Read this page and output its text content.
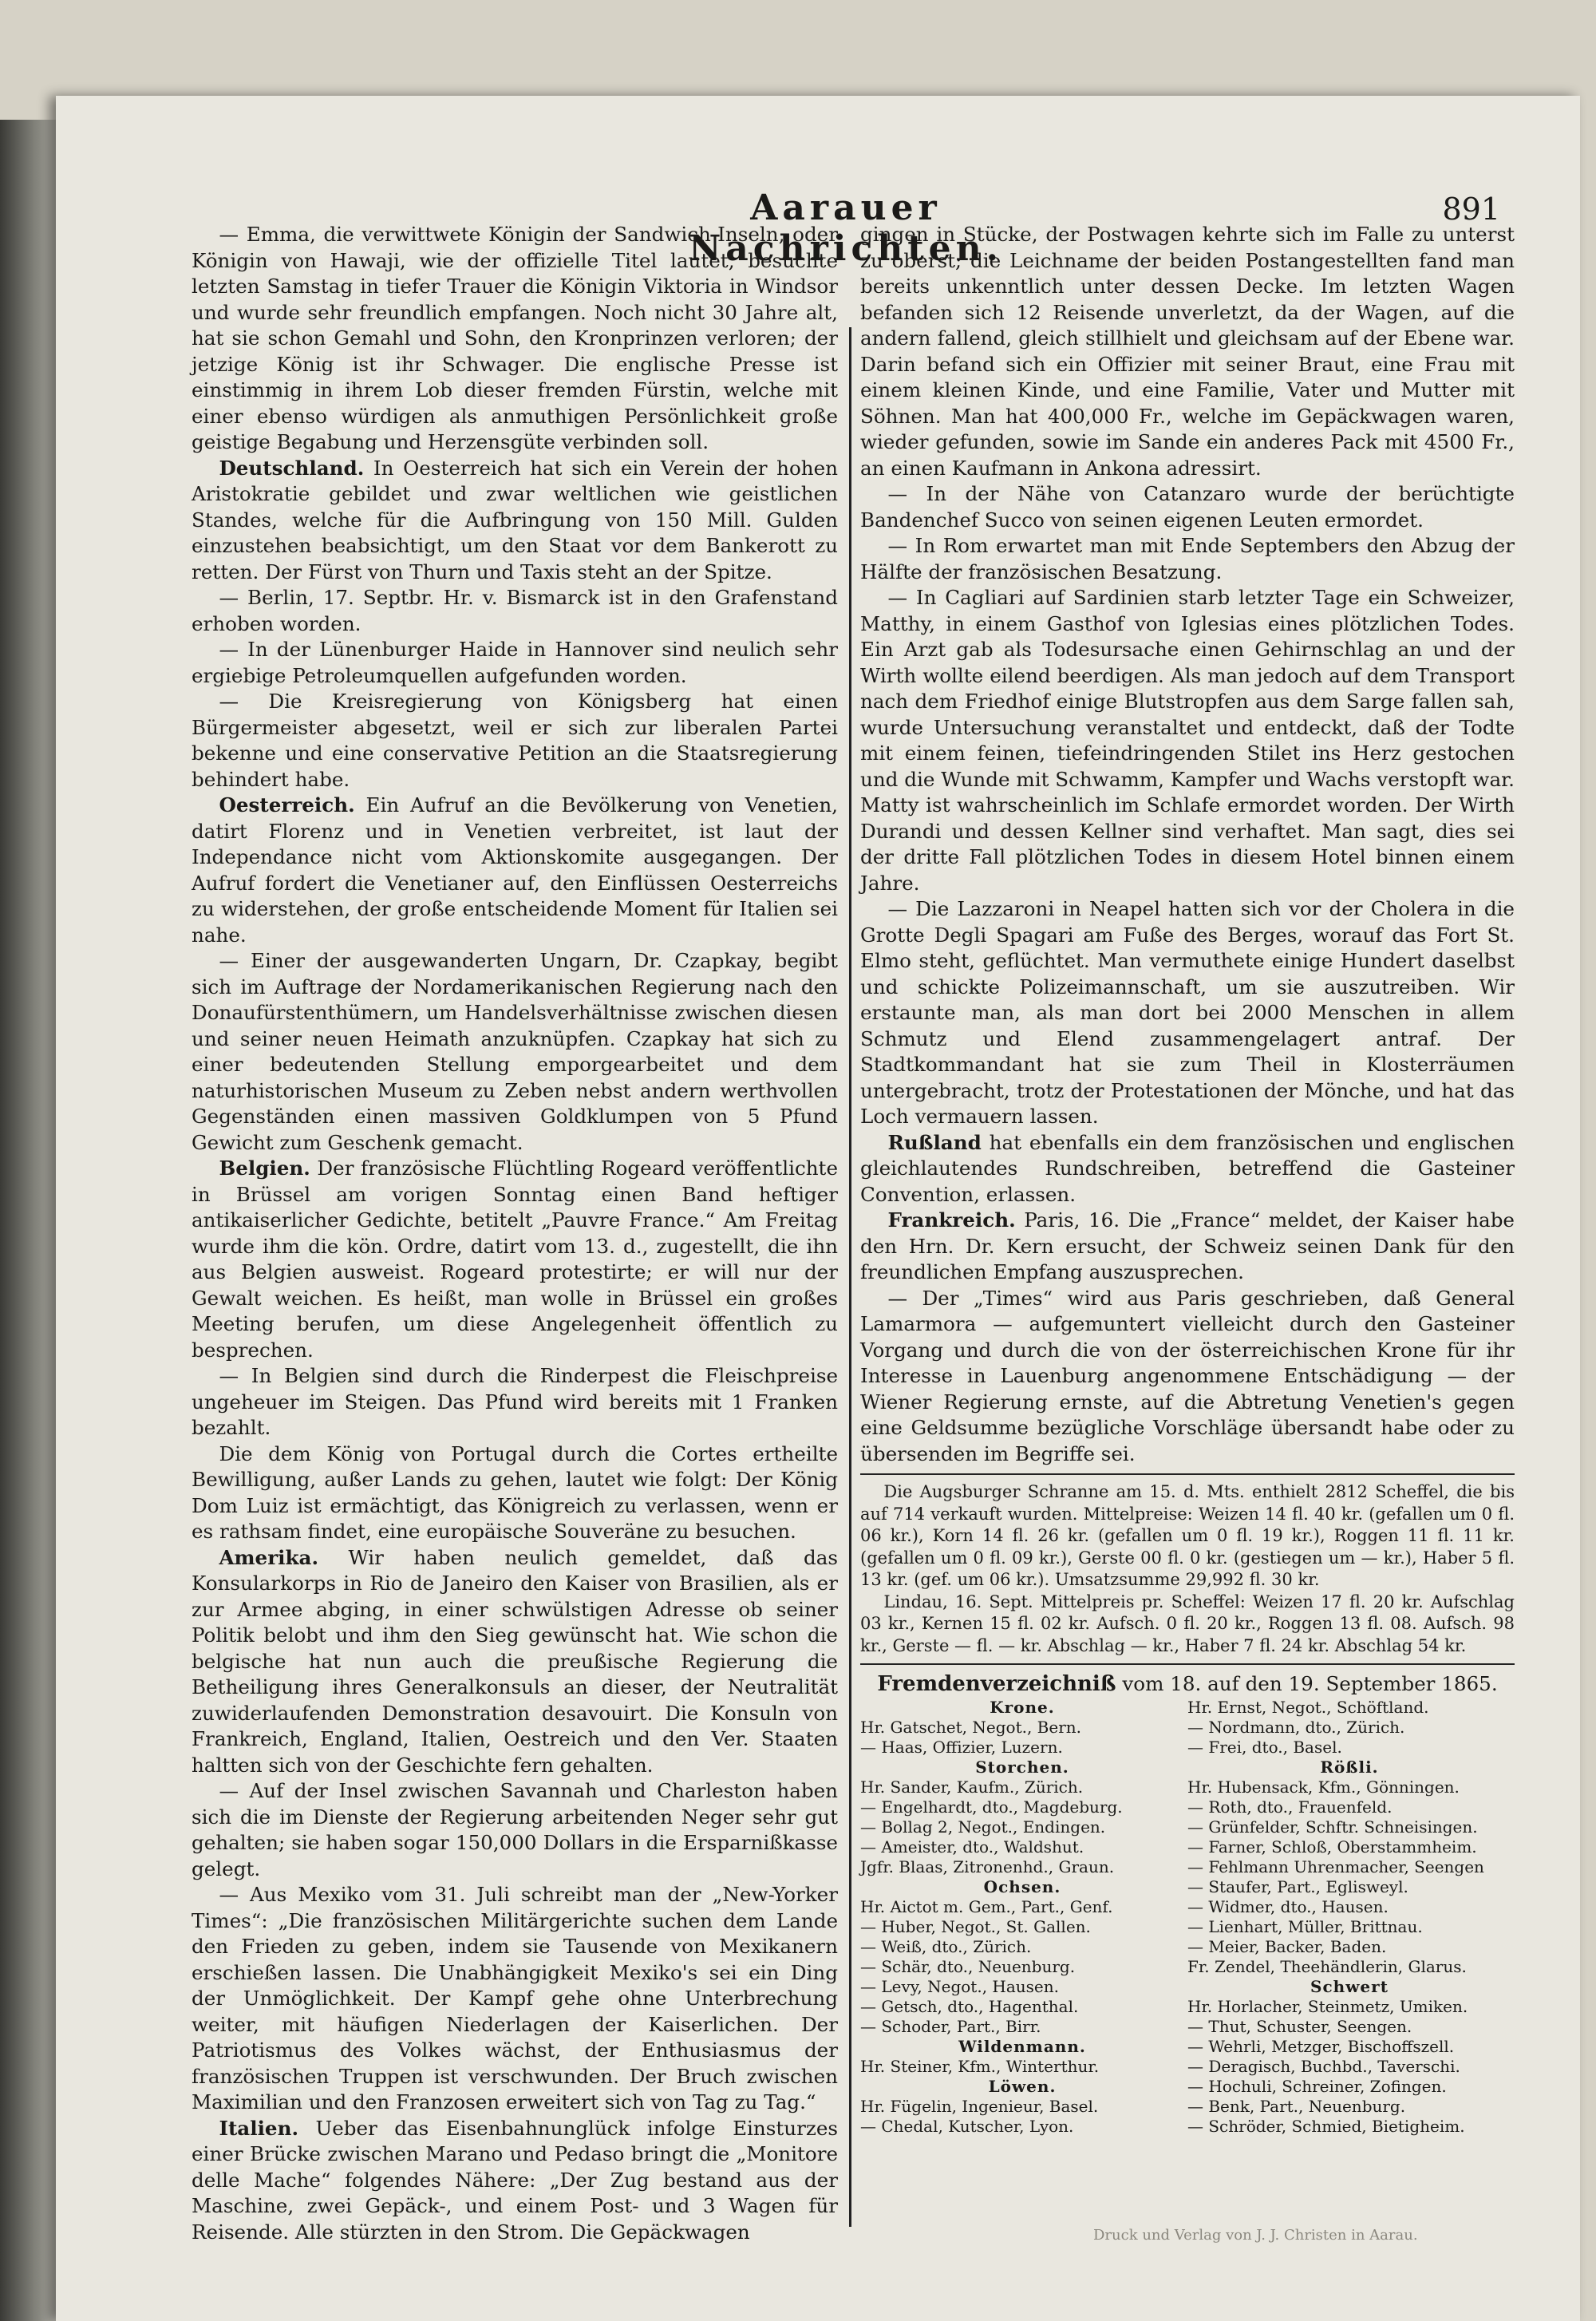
Aarauer Nachrichten.
891

— Emma, die verwittwete Königin der Sandwich-Inseln, oder Königin von Hawaji, wie der offizielle Titel lautet, besuchte letzten Samstag in tiefer Trauer die Königin Viktoria in Windsor und wurde sehr freundlich empfangen. Noch nicht 30 Jahre alt, hat sie schon Gemahl und Sohn, den Kronprinzen verloren; der jetzige König ist ihr Schwager. Die englische Presse ist einstimmig in ihrem Lob dieser fremden Fürstin, welche mit einer ebenso würdigen als anmuthigen Persönlichkeit große geistige Begabung und Herzensgüte verbinden soll.

Deutschland. In Oesterreich hat sich ein Verein der hohen Aristokratie gebildet und zwar weltlichen wie geistlichen Standes, welche für die Aufbringung von 150 Mill. Gulden einzustehen beabsichtigt, um den Staat vor dem Bankerott zu retten. Der Fürst von Thurn und Taxis steht an der Spitze.

— Berlin, 17. Septbr. Hr. v. Bismarck ist in den Grafenstand erhoben worden.

— In der Lünenburger Haide in Hannover sind neulich sehr ergiebige Petroleumquellen aufgefunden worden.

— Die Kreisregierung von Königsberg hat einen Bürgermeister abgesetzt, weil er sich zur liberalen Partei bekenne und eine conservative Petition an die Staatsregierung behindert habe.

Oesterreich. Ein Aufruf an die Bevölkerung von Venetien, datirt Florenz und in Venetien verbreitet, ist laut der Independance nicht vom Aktionskomite ausgegangen. Der Aufruf fordert die Venetianer auf, den Einflüssen Oesterreichs zu widerstehen, der große entscheidende Moment für Italien sei nahe.

— Einer der ausgewanderten Ungarn, Dr. Czapkay, begibt sich im Auftrage der Nordamerikanischen Regierung nach den Donaufürstenthümern, um Handelsverhältnisse zwischen diesen und seiner neuen Heimath anzuknüpfen. Czapkay hat sich zu einer bedeutenden Stellung emporgearbeitet und dem naturhistorischen Museum zu Zeben nebst andern werthvollen Gegenständen einen massiven Goldklumpen von 5 Pfund Gewicht zum Geschenk gemacht.

Belgien. Der französische Flüchtling Rogeard veröffentlichte in Brüssel am vorigen Sonntag einen Band heftiger antikaiserlicher Gedichte, betitelt „Pauvre France.“ Am Freitag wurde ihm die kön. Ordre, datirt vom 13. d., zugestellt, die ihn aus Belgien ausweist. Rogeard protestirte; er will nur der Gewalt weichen. Es heißt, man wolle in Brüssel ein großes Meeting berufen, um diese Angelegenheit öffentlich zu besprechen.

— In Belgien sind durch die Rinderpest die Fleischpreise ungeheuer im Steigen. Das Pfund wird bereits mit 1 Franken bezahlt.

Die dem König von Portugal durch die Cortes ertheilte Bewilligung, außer Lands zu gehen, lautet wie folgt: Der König Dom Luiz ist ermächtigt, das Königreich zu verlassen, wenn er es rathsam findet, eine europäische Souveräne zu besuchen.

Amerika. Wir haben neulich gemeldet, daß das Konsularkorps in Rio de Janeiro den Kaiser von Brasilien, als er zur Armee abging, in einer schwülstigen Adresse ob seiner Politik belobt und ihm den Sieg gewünscht hat. Wie schon die belgische hat nun auch die preußische Regierung die Betheiligung ihres Generalkonsuls an dieser, der Neutralität zuwiderlaufenden Demonstration desavouirt. Die Konsuln von Frankreich, England, Italien, Oestreich und den Ver. Staaten haltten sich von der Geschichte fern gehalten.

— Auf der Insel zwischen Savannah und Charleston haben sich die im Dienste der Regierung arbeitenden Neger sehr gut gehalten; sie haben sogar 150,000 Dollars in die Ersparnißkasse gelegt.

— Aus Mexiko vom 31. Juli schreibt man der „New-Yorker Times“: „Die französischen Militärgerichte suchen dem Lande den Frieden zu geben, indem sie Tausende von Mexikanern erschießen lassen. Die Unabhängigkeit Mexiko's sei ein Ding der Unmöglichkeit. Der Kampf gehe ohne Unterbrechung weiter, mit häufigen Niederlagen der Kaiserlichen. Der Patriotismus des Volkes wächst, der Enthusiasmus der französischen Truppen ist verschwunden. Der Bruch zwischen Maximilian und den Franzosen erweitert sich von Tag zu Tag.“

Italien. Ueber das Eisenbahnunglück infolge Einsturzes einer Brücke zwischen Marano und Pedaso bringt die „Monitore delle Mache“ folgendes Nähere: „Der Zug bestand aus der Maschine, zwei Gepäck-, und einem Post- und 3 Wagen für Reisende. Alle stürzten in den Strom. Die Gepäckwagen

gingen in Stücke, der Postwagen kehrte sich im Falle zu unterst zu oberst; die Leichname der beiden Postangestellten fand man bereits unkenntlich unter dessen Decke. Im letzten Wagen befanden sich 12 Reisende unverletzt, da der Wagen, auf die andern fallend, gleich stillhielt und gleichsam auf der Ebene war. Darin befand sich ein Offizier mit seiner Braut, eine Frau mit einem kleinen Kinde, und eine Familie, Vater und Mutter mit Söhnen. Man hat 400,000 Fr., welche im Gepäckwagen waren, wieder gefunden, sowie im Sande ein anderes Pack mit 4500 Fr., an einen Kaufmann in Ankona adressirt.

— In der Nähe von Catanzaro wurde der berüchtigte Bandenchef Succo von seinen eigenen Leuten ermordet.

— In Rom erwartet man mit Ende Septembers den Abzug der Hälfte der französischen Besatzung.

— In Cagliari auf Sardinien starb letzter Tage ein Schweizer, Matthy, in einem Gasthof von Iglesias eines plötzlichen Todes. Ein Arzt gab als Todesursache einen Gehirnschlag an und der Wirth wollte eilend beerdigen. Als man jedoch auf dem Transport nach dem Friedhof einige Blutstropfen aus dem Sarge fallen sah, wurde Untersuchung veranstaltet und entdeckt, daß der Todte mit einem feinen, tiefeindringenden Stilet ins Herz gestochen und die Wunde mit Schwamm, Kampfer und Wachs verstopft war. Matty ist wahrscheinlich im Schlafe ermordet worden. Der Wirth Durandi und dessen Kellner sind verhaftet. Man sagt, dies sei der dritte Fall plötzlichen Todes in diesem Hotel binnen einem Jahre.

— Die Lazzaroni in Neapel hatten sich vor der Cholera in die Grotte Degli Spagari am Fuße des Berges, worauf das Fort St. Elmo steht, geflüchtet. Man vermuthete einige Hundert daselbst und schickte Polizeimannschaft, um sie auszutreiben. Wir erstaunte man, als man dort bei 2000 Menschen in allem Schmutz und Elend zusammengelagert antraf. Der Stadtkommandant hat sie zum Theil in Klosterräumen untergebracht, trotz der Protestationen der Mönche, und hat das Loch vermauern lassen.

Rußland hat ebenfalls ein dem französischen und englischen gleichlautendes Rundschreiben, betreffend die Gasteiner Convention, erlassen.

Frankreich. Paris, 16. Die „France“ meldet, der Kaiser habe den Hrn. Dr. Kern ersucht, der Schweiz seinen Dank für den freundlichen Empfang auszusprechen.

— Der „Times“ wird aus Paris geschrieben, daß General Lamarmora — aufgemuntert vielleicht durch den Gasteiner Vorgang und durch die von der österreichischen Krone für ihr Interesse in Lauenburg angenommene Entschädigung — der Wiener Regierung ernste, auf die Abtretung Venetien's gegen eine Geldsumme bezügliche Vorschläge übersandt habe oder zu übersenden im Begriffe sei.

Die Augsburger Schranne am 15. d. Mts. enthielt 2812 Scheffel, die bis auf 714 verkauft wurden. Mittelpreise: Weizen 14 fl. 40 kr. (gefallen um 0 fl. 06 kr.), Korn 14 fl. 26 kr. (gefallen um 0 fl. 19 kr.), Roggen 11 fl. 11 kr. (gefallen um 0 fl. 09 kr.), Gerste 00 fl. 0 kr. (gestiegen um — kr.), Haber 5 fl. 13 kr. (gef. um 06 kr.). Umsatzsumme 29,992 fl. 30 kr.

Lindau, 16. Sept. Mittelpreis pr. Scheffel: Weizen 17 fl. 20 kr. Aufschlag 03 kr., Kernen 15 fl. 02 kr. Aufsch. 0 fl. 20 kr., Roggen 13 fl. 08. Aufsch. 98 kr., Gerste — fl. — kr. Abschlag — kr., Haber 7 fl. 24 kr. Abschlag 54 kr.

Fremdenverzeichniß vom 18. auf den 19. September 1865.
Krone.	Hr. Ernst, Negot., Schöftland.
Hr. Gatschet, Negot., Bern.	— Nordmann, dto., Zürich.
— Haas, Offizier, Luzern.	— Frei, dto., Basel.
Storchen.	Rößli.
Hr. Sander, Kaufm., Zürich.	Hr. Hubensack, Kfm., Gönningen.
— Engelhardt, dto., Magdeburg.	— Roth, dto., Frauenfeld.
— Bollag 2, Negot., Endingen.	— Grünfelder, Schftr. Schneisingen.
— Ameister, dto., Waldshut.	— Farner, Schloß, Oberstammheim.
Jgfr. Blaas, Zitronenhd., Graun.	— Fehlmann Uhrenmacher, Seengen
Ochsen.	— Staufer, Part., Eglisweyl.
Hr. Aictot m. Gem., Part., Genf.	— Widmer, dto., Hausen.
— Huber, Negot., St. Gallen.	— Lienhart, Müller, Brittnau.
— Weiß, dto., Zürich.	— Meier, Backer, Baden.
— Schär, dto., Neuenburg.	Fr. Zendel, Theehändlerin, Glarus.
— Levy, Negot., Hausen.	Schwert
— Getsch, dto., Hagenthal.	Hr. Horlacher, Steinmetz, Umiken.
— Schoder, Part., Birr.	— Thut, Schuster, Seengen.
Wildenmann.	— Wehrli, Metzger, Bischoffszell.
Hr. Steiner, Kfm., Winterthur.	— Deragisch, Buchbd., Taverschi.
Löwen.	— Hochuli, Schreiner, Zofingen.
Hr. Fügelin, Ingenieur, Basel.	— Benk, Part., Neuenburg.
— Chedal, Kutscher, Lyon.	— Schröder, Schmied, Bietigheim.
Druck und Verlag von J. J. Christen in Aarau.
